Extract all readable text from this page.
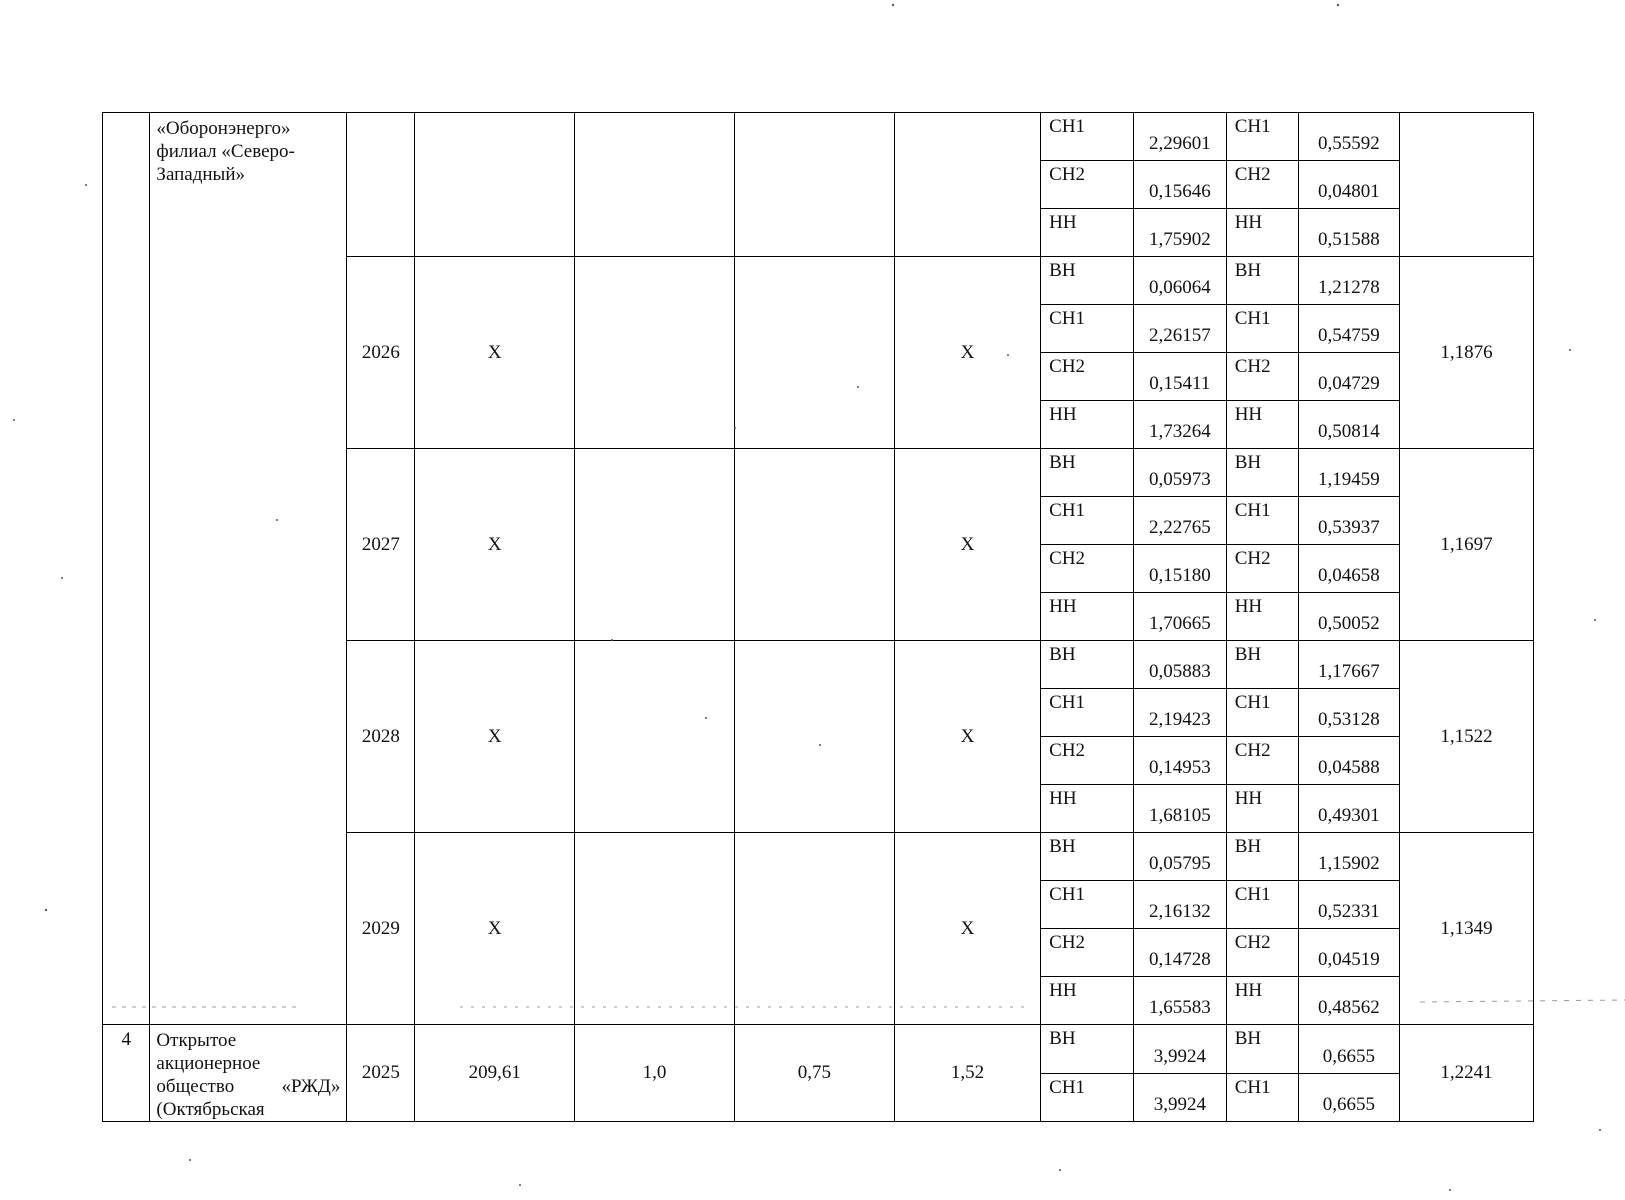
	«Оборонэнерго»
филиал «Северо-
Западный»						СН1	2,29601	СН1	0,55592	
							СН2	0,15646	СН2	0,04801	
							НН	1,75902	НН	0,51588	
		2026	X			X	ВН	0,06064	ВН	1,21278	1,1876
							СН1	2,26157	СН1	0,54759	
							СН2	0,15411	СН2	0,04729	
							НН	1,73264	НН	0,50814	
		2027	X			X	ВН	0,05973	ВН	1,19459	1,1697
							СН1	2,22765	СН1	0,53937	
							СН2	0,15180	СН2	0,04658	
							НН	1,70665	НН	0,50052	
		2028	X			X	ВН	0,05883	ВН	1,17667	1,1522
							СН1	2,19423	СН1	0,53128	
							СН2	0,14953	СН2	0,04588	
							НН	1,68105	НН	0,49301	
		2029	X			X	ВН	0,05795	ВН	1,15902	1,1349
							СН1	2,16132	СН1	0,52331	
							СН2	0,14728	СН2	0,04519	
							НН	1,65583	НН	0,48562	
4	Открытое
акционерное
общество «РЖД»
(Октябрьская	2025	209,61	1,0	0,75	1,52	ВН	3,9924	ВН	0,6655	1,2241
							СН1	3,9924	СН1	0,6655	
